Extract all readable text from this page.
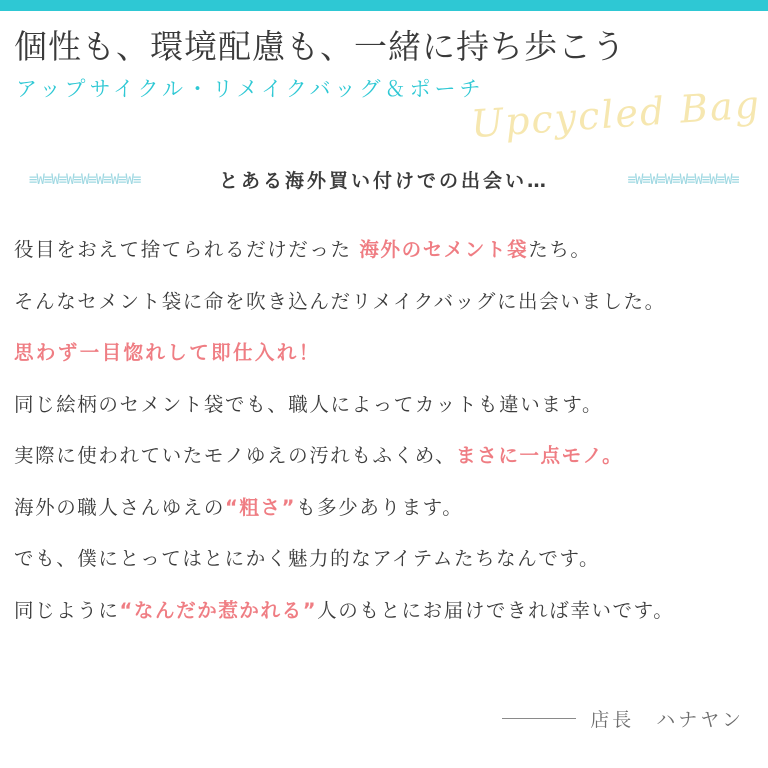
個性も、環境配慮も、一緒に持ち歩こう
アップサイクル・リメイクバッグ＆ポーチ
Upcycled Bag
≡W≡W≡W≡W≡W≡W≡W≡	とある海外買い付けでの出会い…	≡W≡W≡W≡W≡W≡W≡W≡

役目をおえて捨てられるだけだった 海外のセメント袋たち。

そんなセメント袋に命を吹き込んだリメイクバッグに出会いました。

思わず一目惚れして即仕入れ！

同じ絵柄のセメント袋でも、職人によってカットも違います。

実際に使われていたモノゆえの汚れもふくめ、まさに一点モノ。

海外の職人さんゆえの“粗さ”も多少あります。

でも、僕にとってはとにかく魅力的なアイテムたちなんです。

同じように“なんだか惹かれる”人のもとにお届けできれば幸いです。

店長　ハナヤン
